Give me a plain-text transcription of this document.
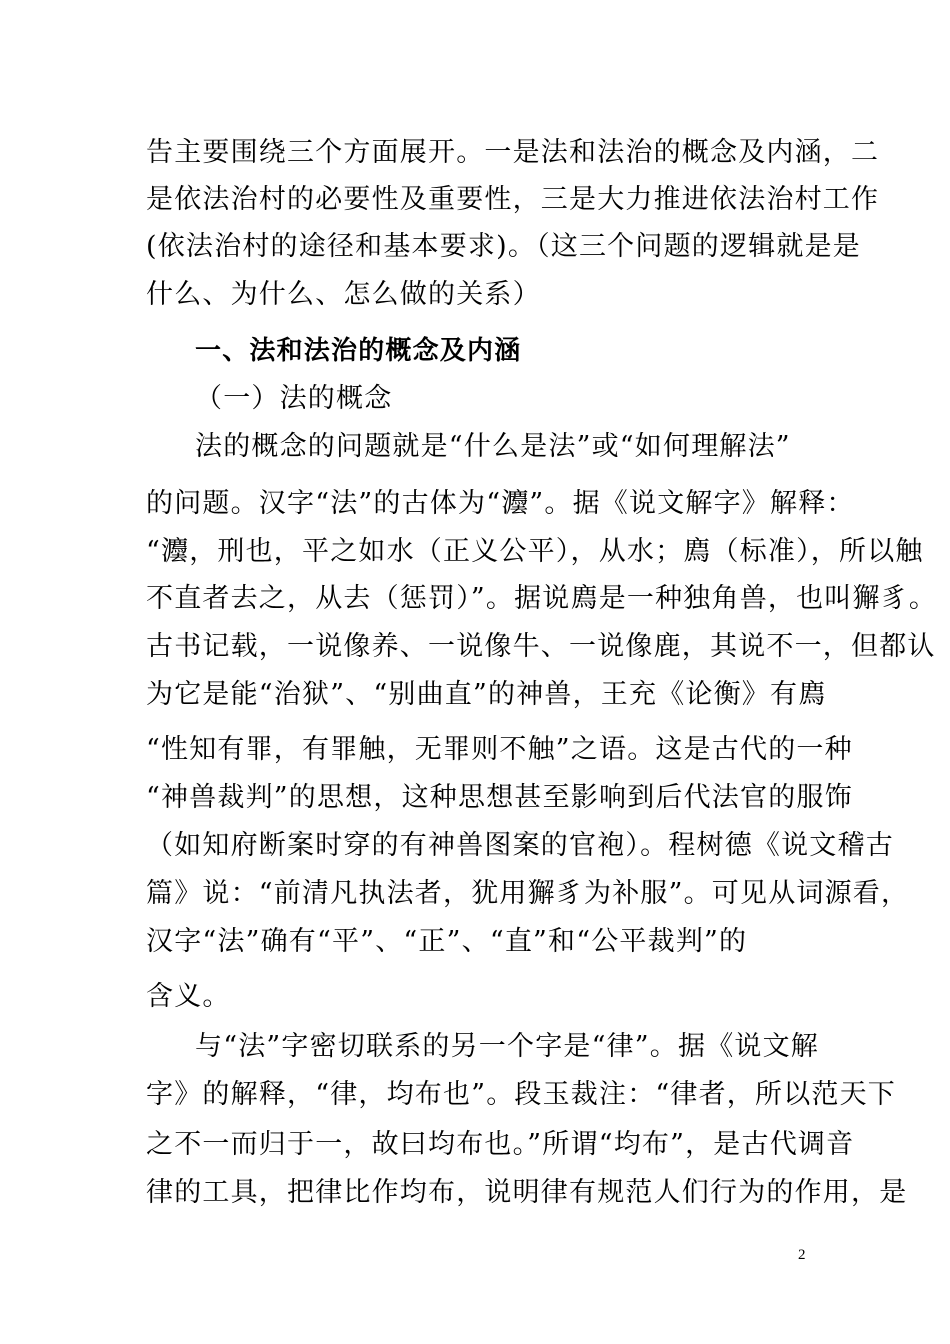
告主要围绕三个方面展开。一是法和法治的概念及内涵，二
是依法治村的必要性及重要性，三是大力推进依法治村工作
(依法治村的途径和基本要求)。（这三个问题的逻辑就是是
什么、为什么、怎么做的关系）
一、法和法治的概念及内涵
（一）法的概念
法的概念的问题就是“什么是法”或“如何理解法”
的问题。汉字“法”的古体为“灋”。据《说文解字》解释：
“灋，刑也，平之如水（正义公平），从水；廌（标准），所以触
不直者去之，从去（惩罚）”。据说廌是一种独角兽，也叫獬豸。
古书记载，一说像养、一说像牛、一说像鹿，其说不一，但都认
为它是能“治狱”、“别曲直”的神兽，王充《论衡》有廌
“性知有罪，有罪触，无罪则不触”之语。这是古代的一种
“神兽裁判”的思想，这种思想甚至影响到后代法官的服饰
（如知府断案时穿的有神兽图案的官袍）。程树德《说文稽古
篇》说：“前清凡执法者，犹用獬豸为补服”。可见从词源看，
汉字“法”确有“平”、“正”、“直”和“公平裁判”的
含义。
与“法”字密切联系的另一个字是“律”。据《说文解
字》的解释，“律，均布也”。段玉裁注：“律者，所以范天下
之不一而归于一，故曰均布也。”所谓“均布”，是古代调音
律的工具，把律比作均布，说明律有规范人们行为的作用，是
2
